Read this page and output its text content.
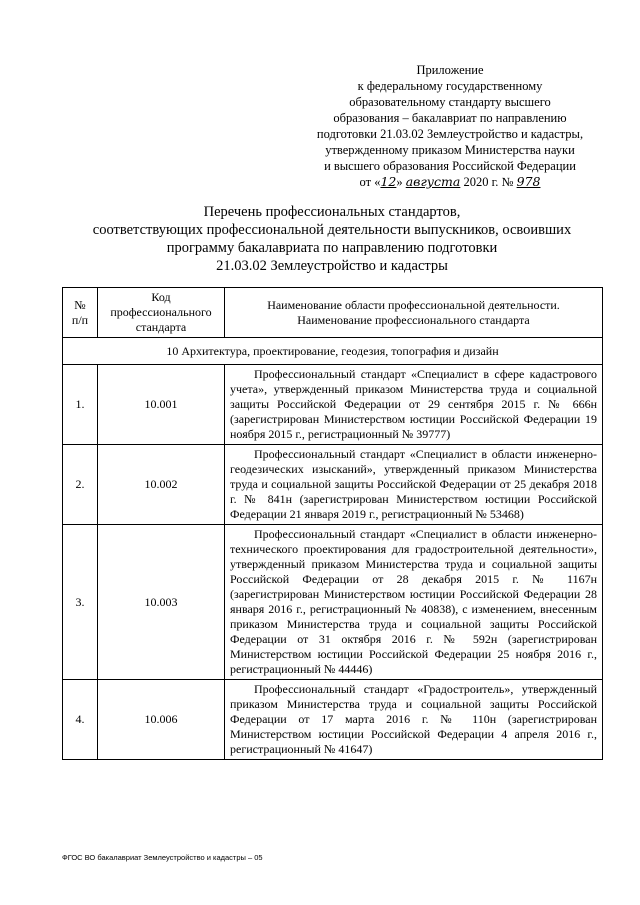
Приложение
к федеральному государственному
образовательному стандарту высшего
образования – бакалавриат по направлению
подготовки 21.03.02 Землеустройство и кадастры,
утвержденному приказом Министерства науки
и высшего образования Российской Федерации
от «12» августа 2020 г. № 978
Перечень профессиональных стандартов,
соответствующих профессиональной деятельности выпускников, освоивших
программу бакалавриата по направлению подготовки
21.03.02 Землеустройство и кадастры
№ п/п	Код профессионального стандарта	Наименование области профессиональной деятельности.
Наименование профессионального стандарта

10 Архитектура, проектирование, геодезия, топография и дизайн		
1.	10.001	Профессиональный стандарт «Специалист в сфере кадастрового учета», утвержденный приказом Министерства труда и социальной защиты Российской Федерации от 29 сентября 2015 г. № 666н (зарегистрирован Министерством юстиции Российской Федерации 19 ноября 2015 г., регистрационный № 39777)

2.	10.002	Профессиональный стандарт «Специалист в области инженерно-геодезических изысканий», утвержденный приказом Министерства труда и социальной защиты Российской Федерации от 25 декабря 2018 г. № 841н (зарегистрирован Министерством юстиции Российской Федерации 21 января 2019 г., регистрационный № 53468)

3.	10.003	Профессиональный стандарт «Специалист в области инженерно-технического проектирования для градостроительной деятельности», утвержденный приказом Министерства труда и социальной защиты Российской Федерации от 28 декабря 2015 г. № 1167н (зарегистрирован Министерством юстиции Российской Федерации 28 января 2016 г., регистрационный № 40838), с изменением, внесенным приказом Министерства труда и социальной защиты Российской Федерации от 31 октября 2016 г. № 592н (зарегистрирован Министерством юстиции Российской Федерации 25 ноября 2016 г., регистрационный № 44446)

4.	10.006	Профессиональный стандарт «Градостроитель», утвержденный приказом Министерства труда и социальной защиты Российской Федерации от 17 марта 2016 г. № 110н (зарегистрирован Министерством юстиции Российской Федерации 4 апреля 2016 г., регистрационный № 41647)
ФГОС ВО бакалавриат Землеустройство и кадастры – 05
